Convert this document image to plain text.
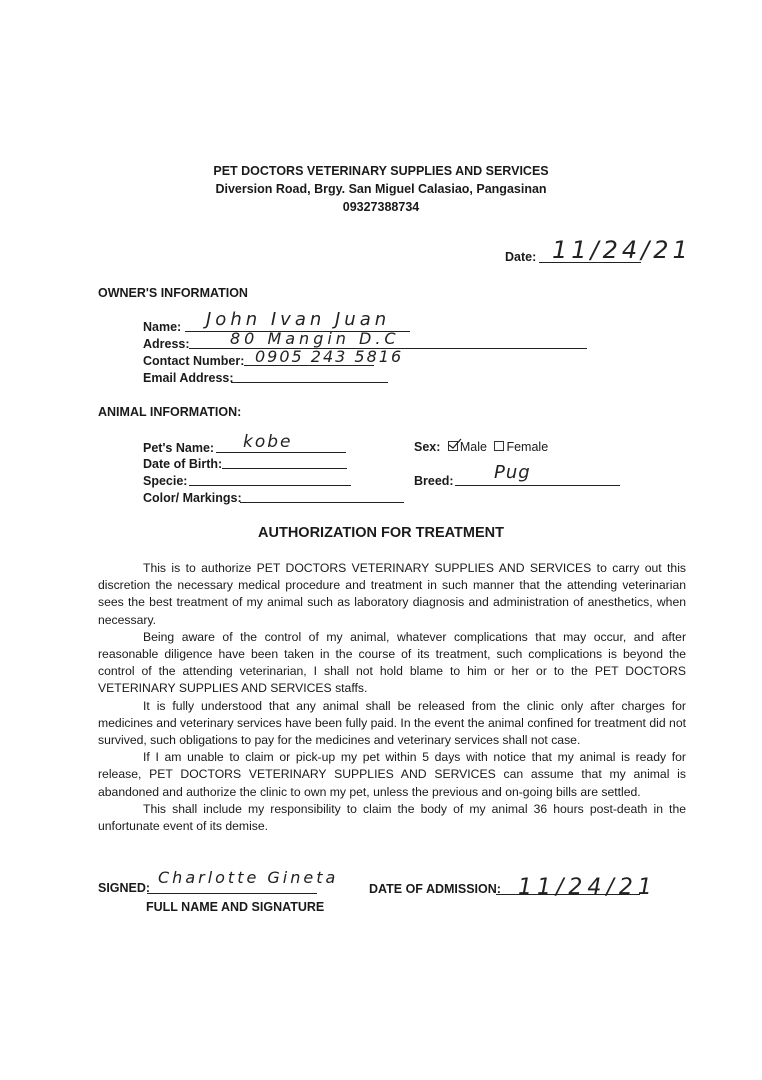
PET DOCTORS VETERINARY SUPPLIES AND SERVICES
Diversion Road, Brgy. San Miguel Calasiao, Pangasinan
09327388734
Date: 11/24/21
OWNER'S INFORMATION
Name: John Ivan Juan
Adress:	80 Mangin D.C
Contact Number: 0905 243 5816
Email Address:
ANIMAL INFORMATION:
Pet's Name: kobe
Date of Birth:
Specie:
Color/ Markings:
Sex: Male Female
Breed: Pug
AUTHORIZATION FOR TREATMENT

This is to authorize PET DOCTORS VETERINARY SUPPLIES AND SERVICES to carry out this discretion the necessary medical procedure and treatment in such manner that the attending veterinarian sees the best treatment of my animal such as laboratory diagnosis and administration of anesthetics, when necessary.

Being aware of the control of my animal, whatever complications that may occur, and after reasonable diligence have been taken in the course of its treatment, such complications is beyond the control of the attending veterinarian, I shall not hold blame to him or her or to the PET DOCTORS VETERINARY SUPPLIES AND SERVICES staffs.

It is fully understood that any animal shall be released from the clinic only after charges for medicines and veterinary services have been fully paid. In the event the animal confined for treatment did not survived, such obligations to pay for the medicines and veterinary services shall not case.

If I am unable to claim or pick-up my pet within 5 days with notice that my animal is ready for release, PET DOCTORS VETERINARY SUPPLIES AND SERVICES can assume that my animal is abandoned and authorize the clinic to own my pet, unless the previous and on-going bills are settled.

This shall include my responsibility to claim the body of my animal 36 hours post-death in the unfortunate event of its demise.

SIGNED:
Charlotte Gineta
FULL NAME AND SIGNATURE
DATE OF ADMISSION: 11/24/21
